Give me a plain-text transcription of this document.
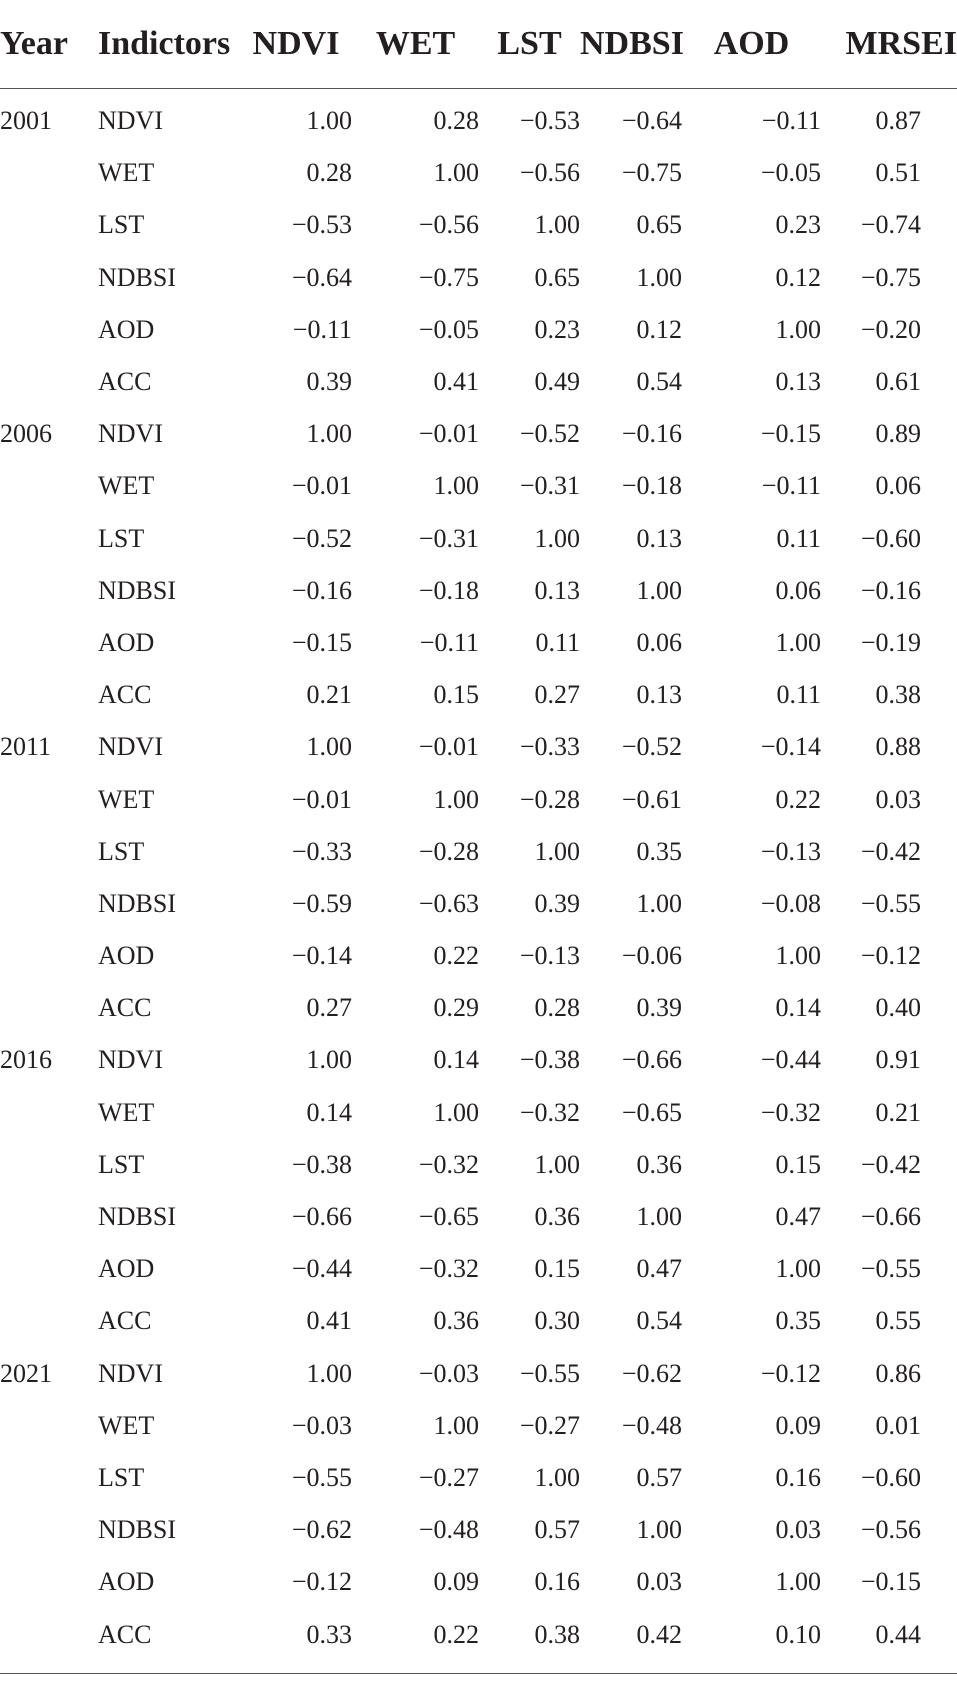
Year	Indictors	NDVI	WET	LST	NDBSI	AOD	MRSEI
2001	NDVI	1.00	0.28	−0.53	−0.64	−0.11	0.87
	WET	0.28	1.00	−0.56	−0.75	−0.05	0.51
	LST	−0.53	−0.56	1.00	0.65	0.23	−0.74
	NDBSI	−0.64	−0.75	0.65	1.00	0.12	−0.75
	AOD	−0.11	−0.05	0.23	0.12	1.00	−0.20
	ACC	0.39	0.41	0.49	0.54	0.13	0.61
2006	NDVI	1.00	−0.01	−0.52	−0.16	−0.15	0.89
	WET	−0.01	1.00	−0.31	−0.18	−0.11	0.06
	LST	−0.52	−0.31	1.00	0.13	0.11	−0.60
	NDBSI	−0.16	−0.18	0.13	1.00	0.06	−0.16
	AOD	−0.15	−0.11	0.11	0.06	1.00	−0.19
	ACC	0.21	0.15	0.27	0.13	0.11	0.38
2011	NDVI	1.00	−0.01	−0.33	−0.52	−0.14	0.88
	WET	−0.01	1.00	−0.28	−0.61	0.22	0.03
	LST	−0.33	−0.28	1.00	0.35	−0.13	−0.42
	NDBSI	−0.59	−0.63	0.39	1.00	−0.08	−0.55
	AOD	−0.14	0.22	−0.13	−0.06	1.00	−0.12
	ACC	0.27	0.29	0.28	0.39	0.14	0.40
2016	NDVI	1.00	0.14	−0.38	−0.66	−0.44	0.91
	WET	0.14	1.00	−0.32	−0.65	−0.32	0.21
	LST	−0.38	−0.32	1.00	0.36	0.15	−0.42
	NDBSI	−0.66	−0.65	0.36	1.00	0.47	−0.66
	AOD	−0.44	−0.32	0.15	0.47	1.00	−0.55
	ACC	0.41	0.36	0.30	0.54	0.35	0.55
2021	NDVI	1.00	−0.03	−0.55	−0.62	−0.12	0.86
	WET	−0.03	1.00	−0.27	−0.48	0.09	0.01
	LST	−0.55	−0.27	1.00	0.57	0.16	−0.60
	NDBSI	−0.62	−0.48	0.57	1.00	0.03	−0.56
	AOD	−0.12	0.09	0.16	0.03	1.00	−0.15
	ACC	0.33	0.22	0.38	0.42	0.10	0.44
